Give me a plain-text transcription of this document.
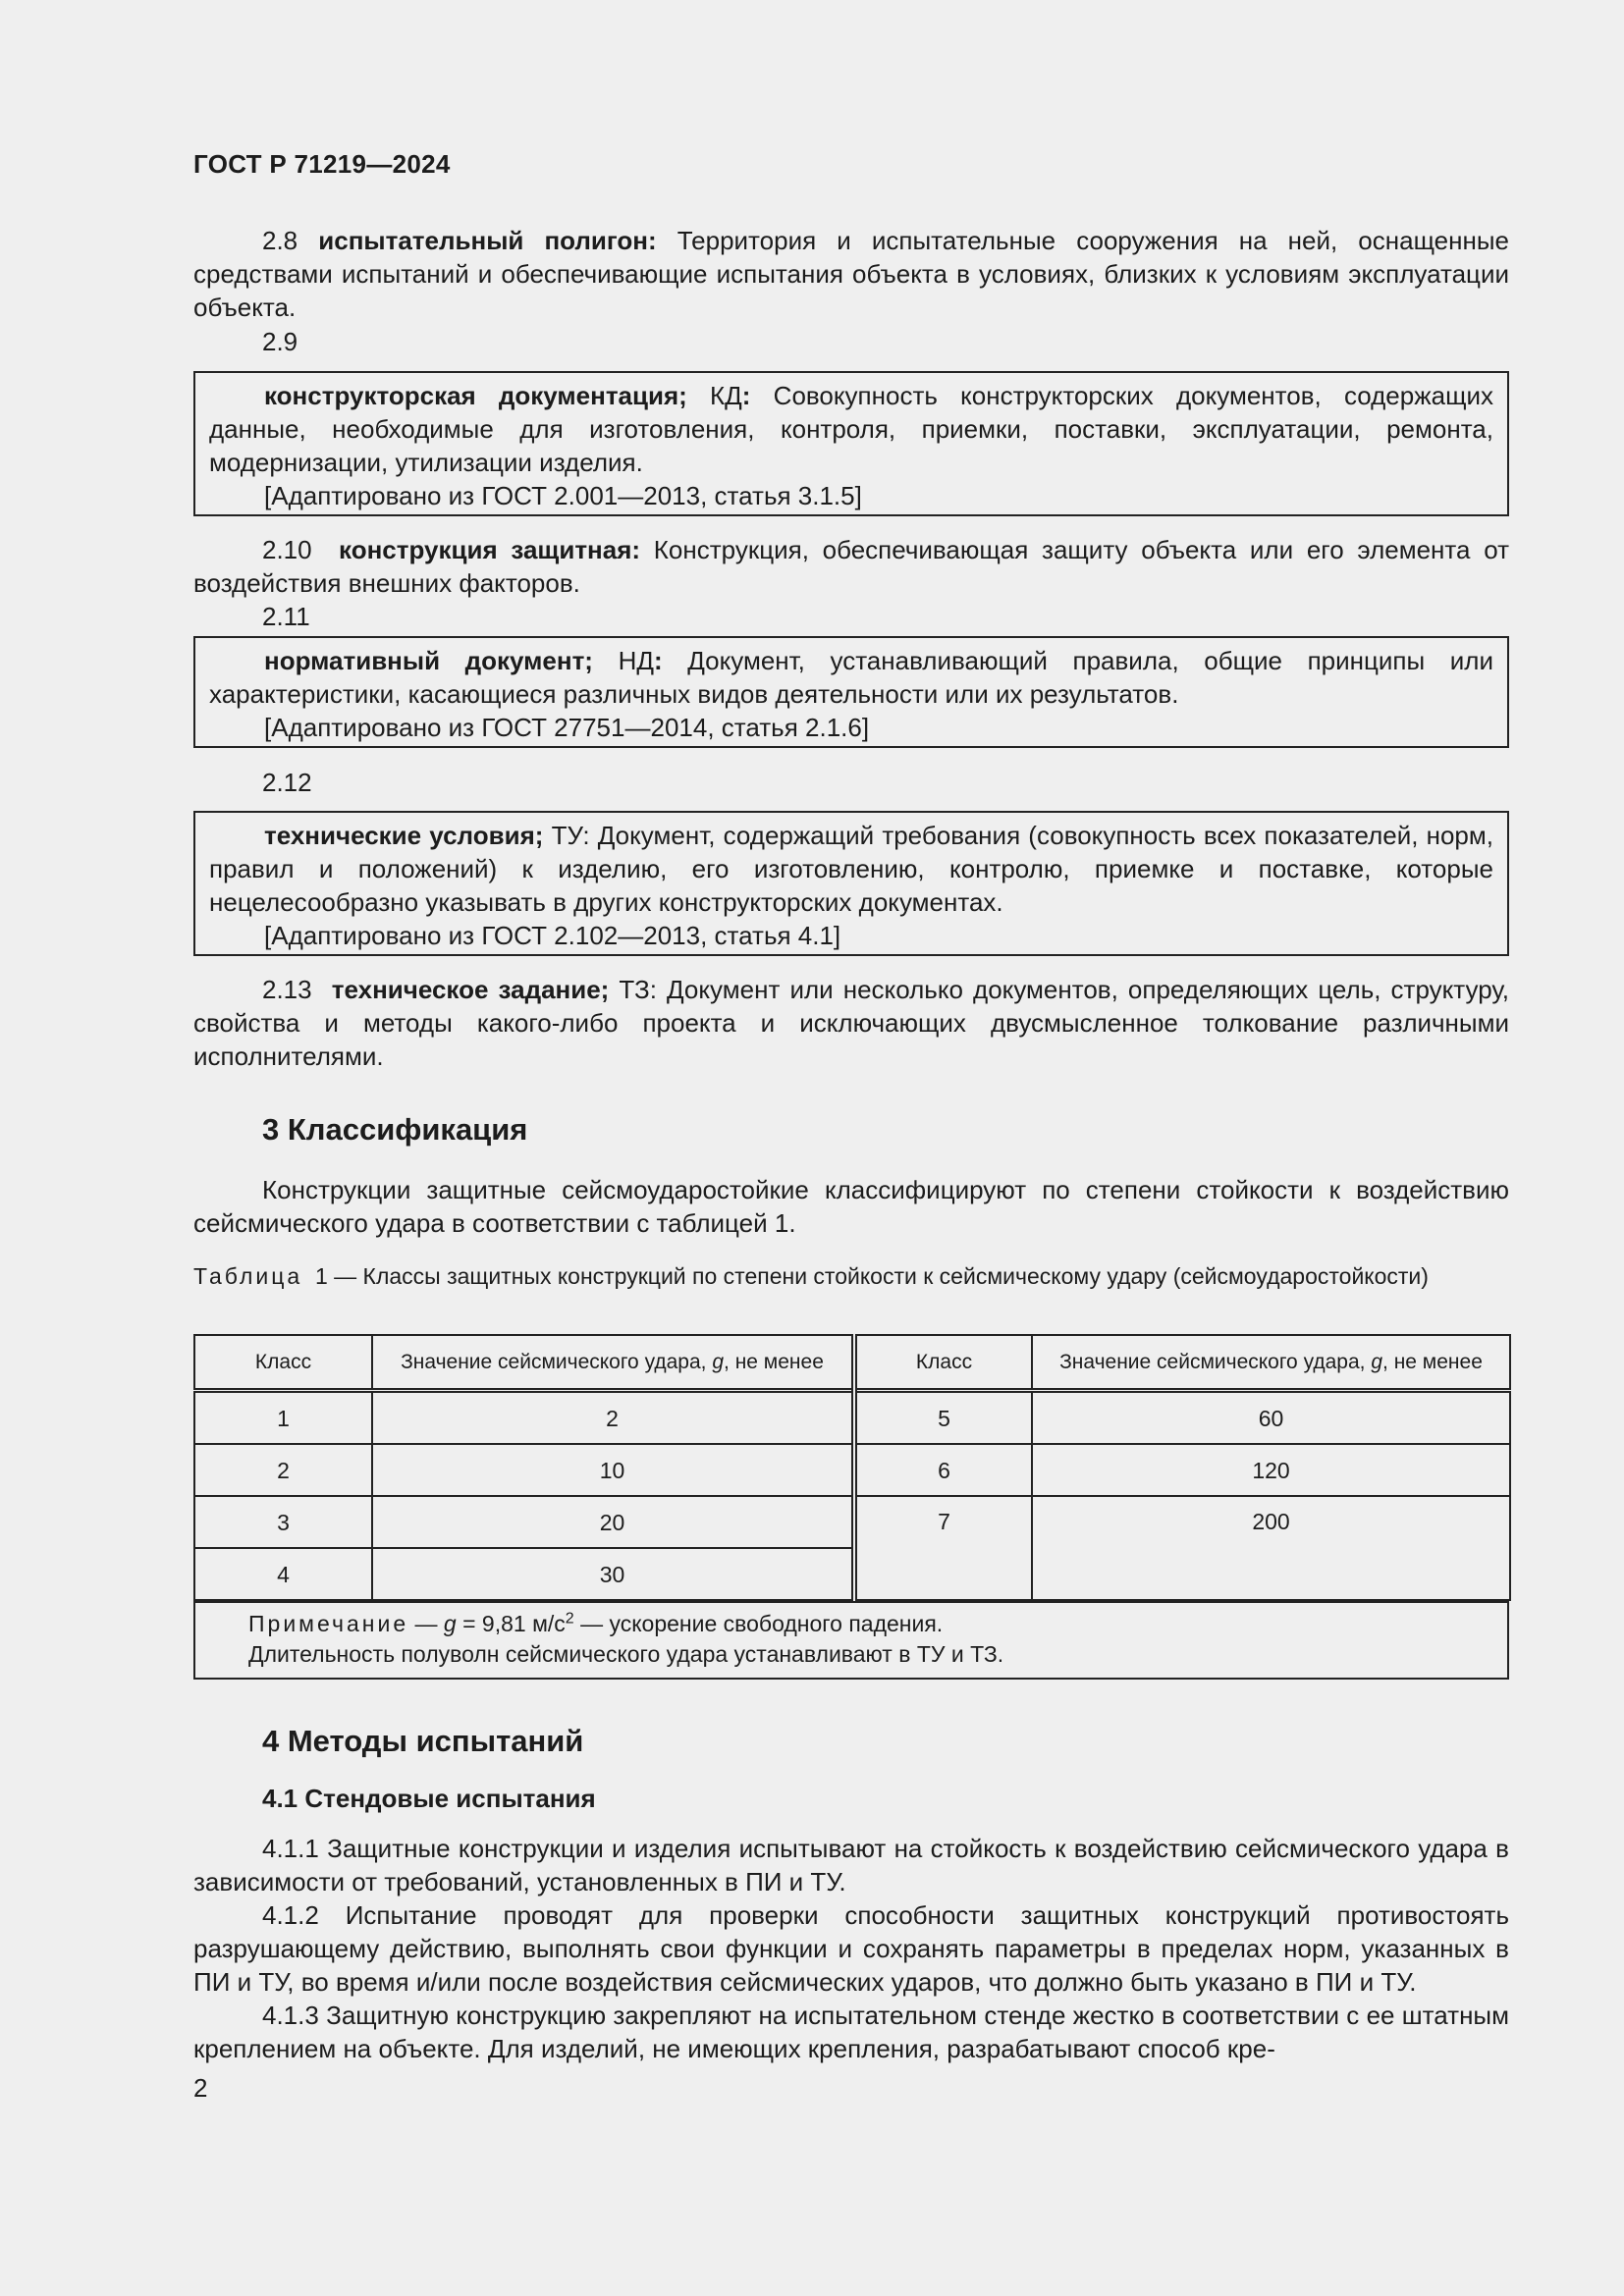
ГОСТ Р 71219—2024

2.8 испытательный полигон: Территория и испытательные сооружения на ней, оснащенные средствами испытаний и обеспечивающие испытания объекта в условиях, близких к условиям эксплуатации объекта.

2.9

конструкторская документация; КД: Совокупность конструкторских документов, содержащих данные, необходимые для изготовления, контроля, приемки, поставки, эксплуатации, ремонта, модернизации, утилизации изделия.

[Адаптировано из ГОСТ 2.001—2013, статья 3.1.5]

2.10 конструкция защитная: Конструкция, обеспечивающая защиту объекта или его элемента от воздействия внешних факторов.

2.11

нормативный документ; НД: Документ, устанавливающий правила, общие принципы или характеристики, касающиеся различных видов деятельности или их результатов.

[Адаптировано из ГОСТ 27751—2014, статья 2.1.6]

2.12

технические условия; ТУ: Документ, содержащий требования (совокупность всех показателей, норм, правил и положений) к изделию, его изготовлению, контролю, приемке и поставке, которые нецелесообразно указывать в других конструкторских документах.

[Адаптировано из ГОСТ 2.102—2013, статья 4.1]

2.13 техническое задание; ТЗ: Документ или несколько документов, определяющих цель, структуру, свойства и методы какого-либо проекта и исключающих двусмысленное толкование различными исполнителями.

3 Классификация

Конструкции защитные сейсмоударостойкие классифицируют по степени стойкости к воздействию сейсмического удара в соответствии с таблицей 1.

Таблица 1 — Классы защитных конструкций по степени стойкости к сейсмическому удару (сейсмоударостойкости)

Класс	Значение сейсмического удара, g, не менее	Класс	Значение сейсмического удара, g, не менее
1	2	5	60
2	10	6	120
3	20	7	200
4	30		
Примечание — g = 9,81 $м/с^2$ — ускорение свободного падения.
Длительность полуволн сейсмического удара устанавливают в ТУ и ТЗ.
4 Методы испытаний
4.1 Стендовые испытания

4.1.1 Защитные конструкции и изделия испытывают на стойкость к воздействию сейсмического удара в зависимости от требований, установленных в ПИ и ТУ.

4.1.2 Испытание проводят для проверки способности защитных конструкций противостоять разрушающему действию, выполнять свои функции и сохранять параметры в пределах норм, указанных в ПИ и ТУ, во время и/или после воздействия сейсмических ударов, что должно быть указано в ПИ и ТУ.

4.1.3 Защитную конструкцию закрепляют на испытательном стенде жестко в соответствии с ее штатным креплением на объекте. Для изделий, не имеющих крепления, разрабатывают способ кре-

2
